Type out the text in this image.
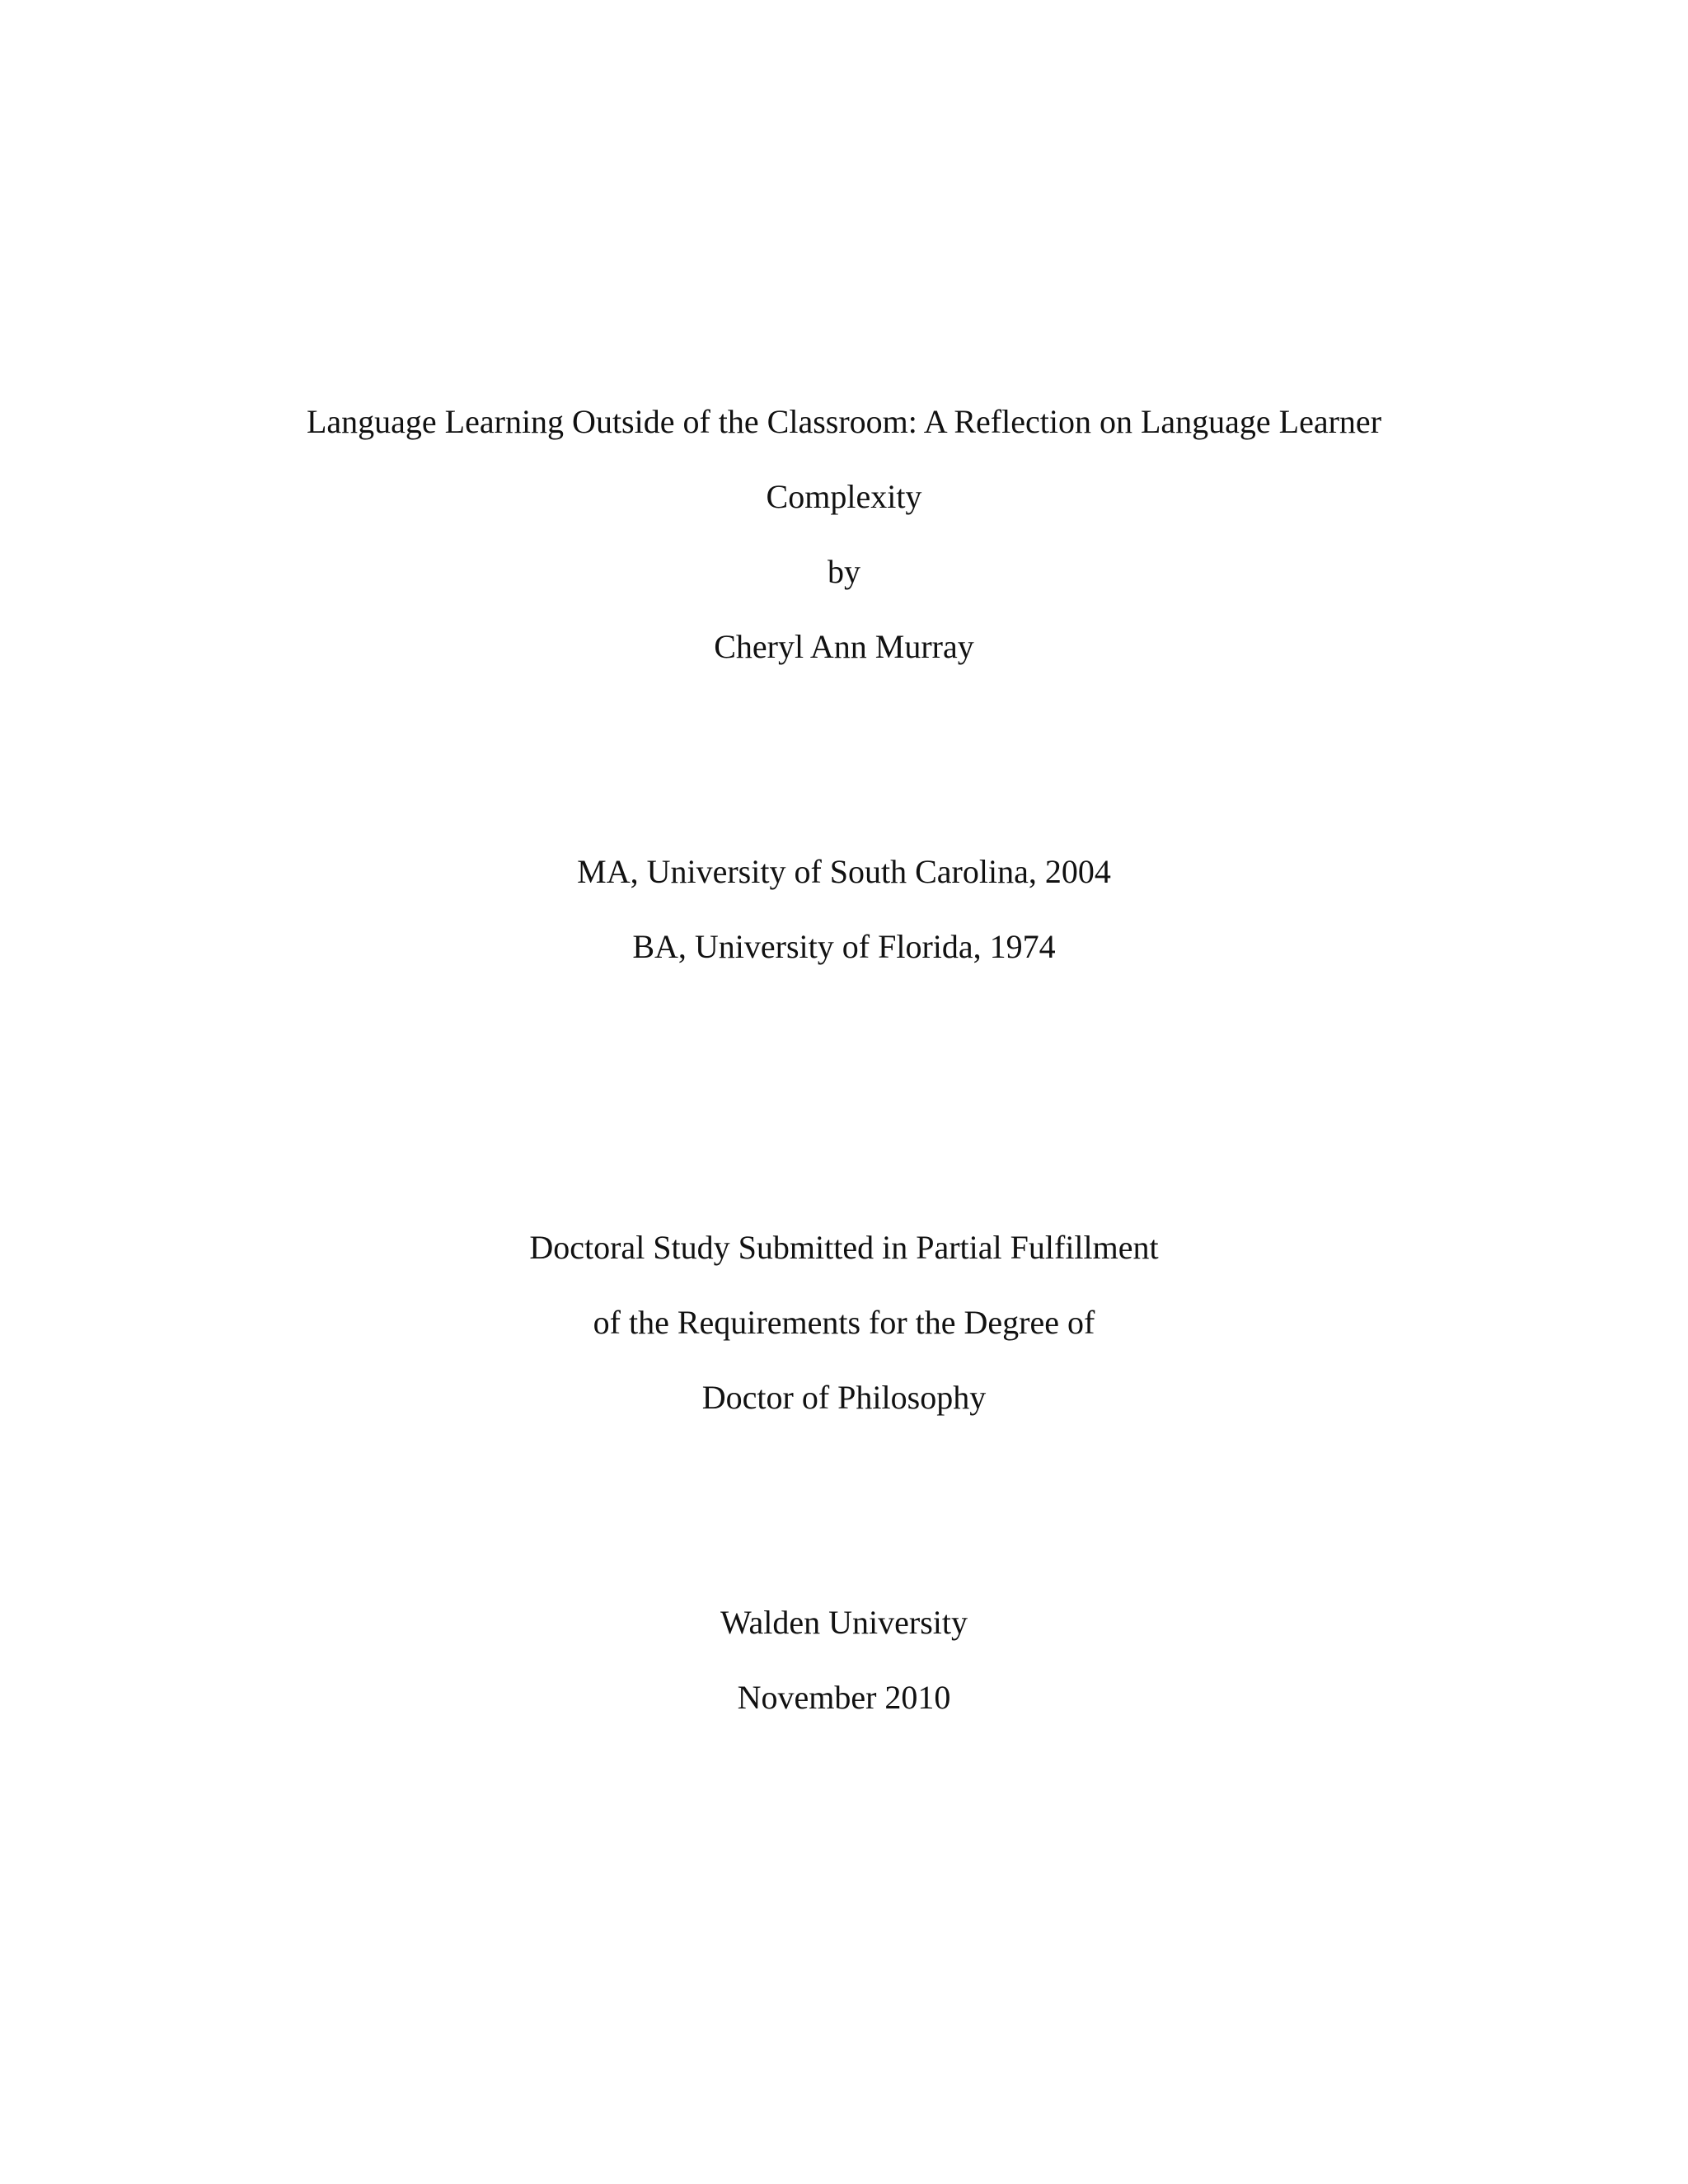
Language Learning Outside of the Classroom: A Reflection on Language Learner
Complexity
by
Cheryl Ann Murray
MA, University of South Carolina, 2004
BA, University of Florida, 1974
Doctoral Study Submitted in Partial Fulfillment
of the Requirements for the Degree of
Doctor of Philosophy
Walden University
November 2010
